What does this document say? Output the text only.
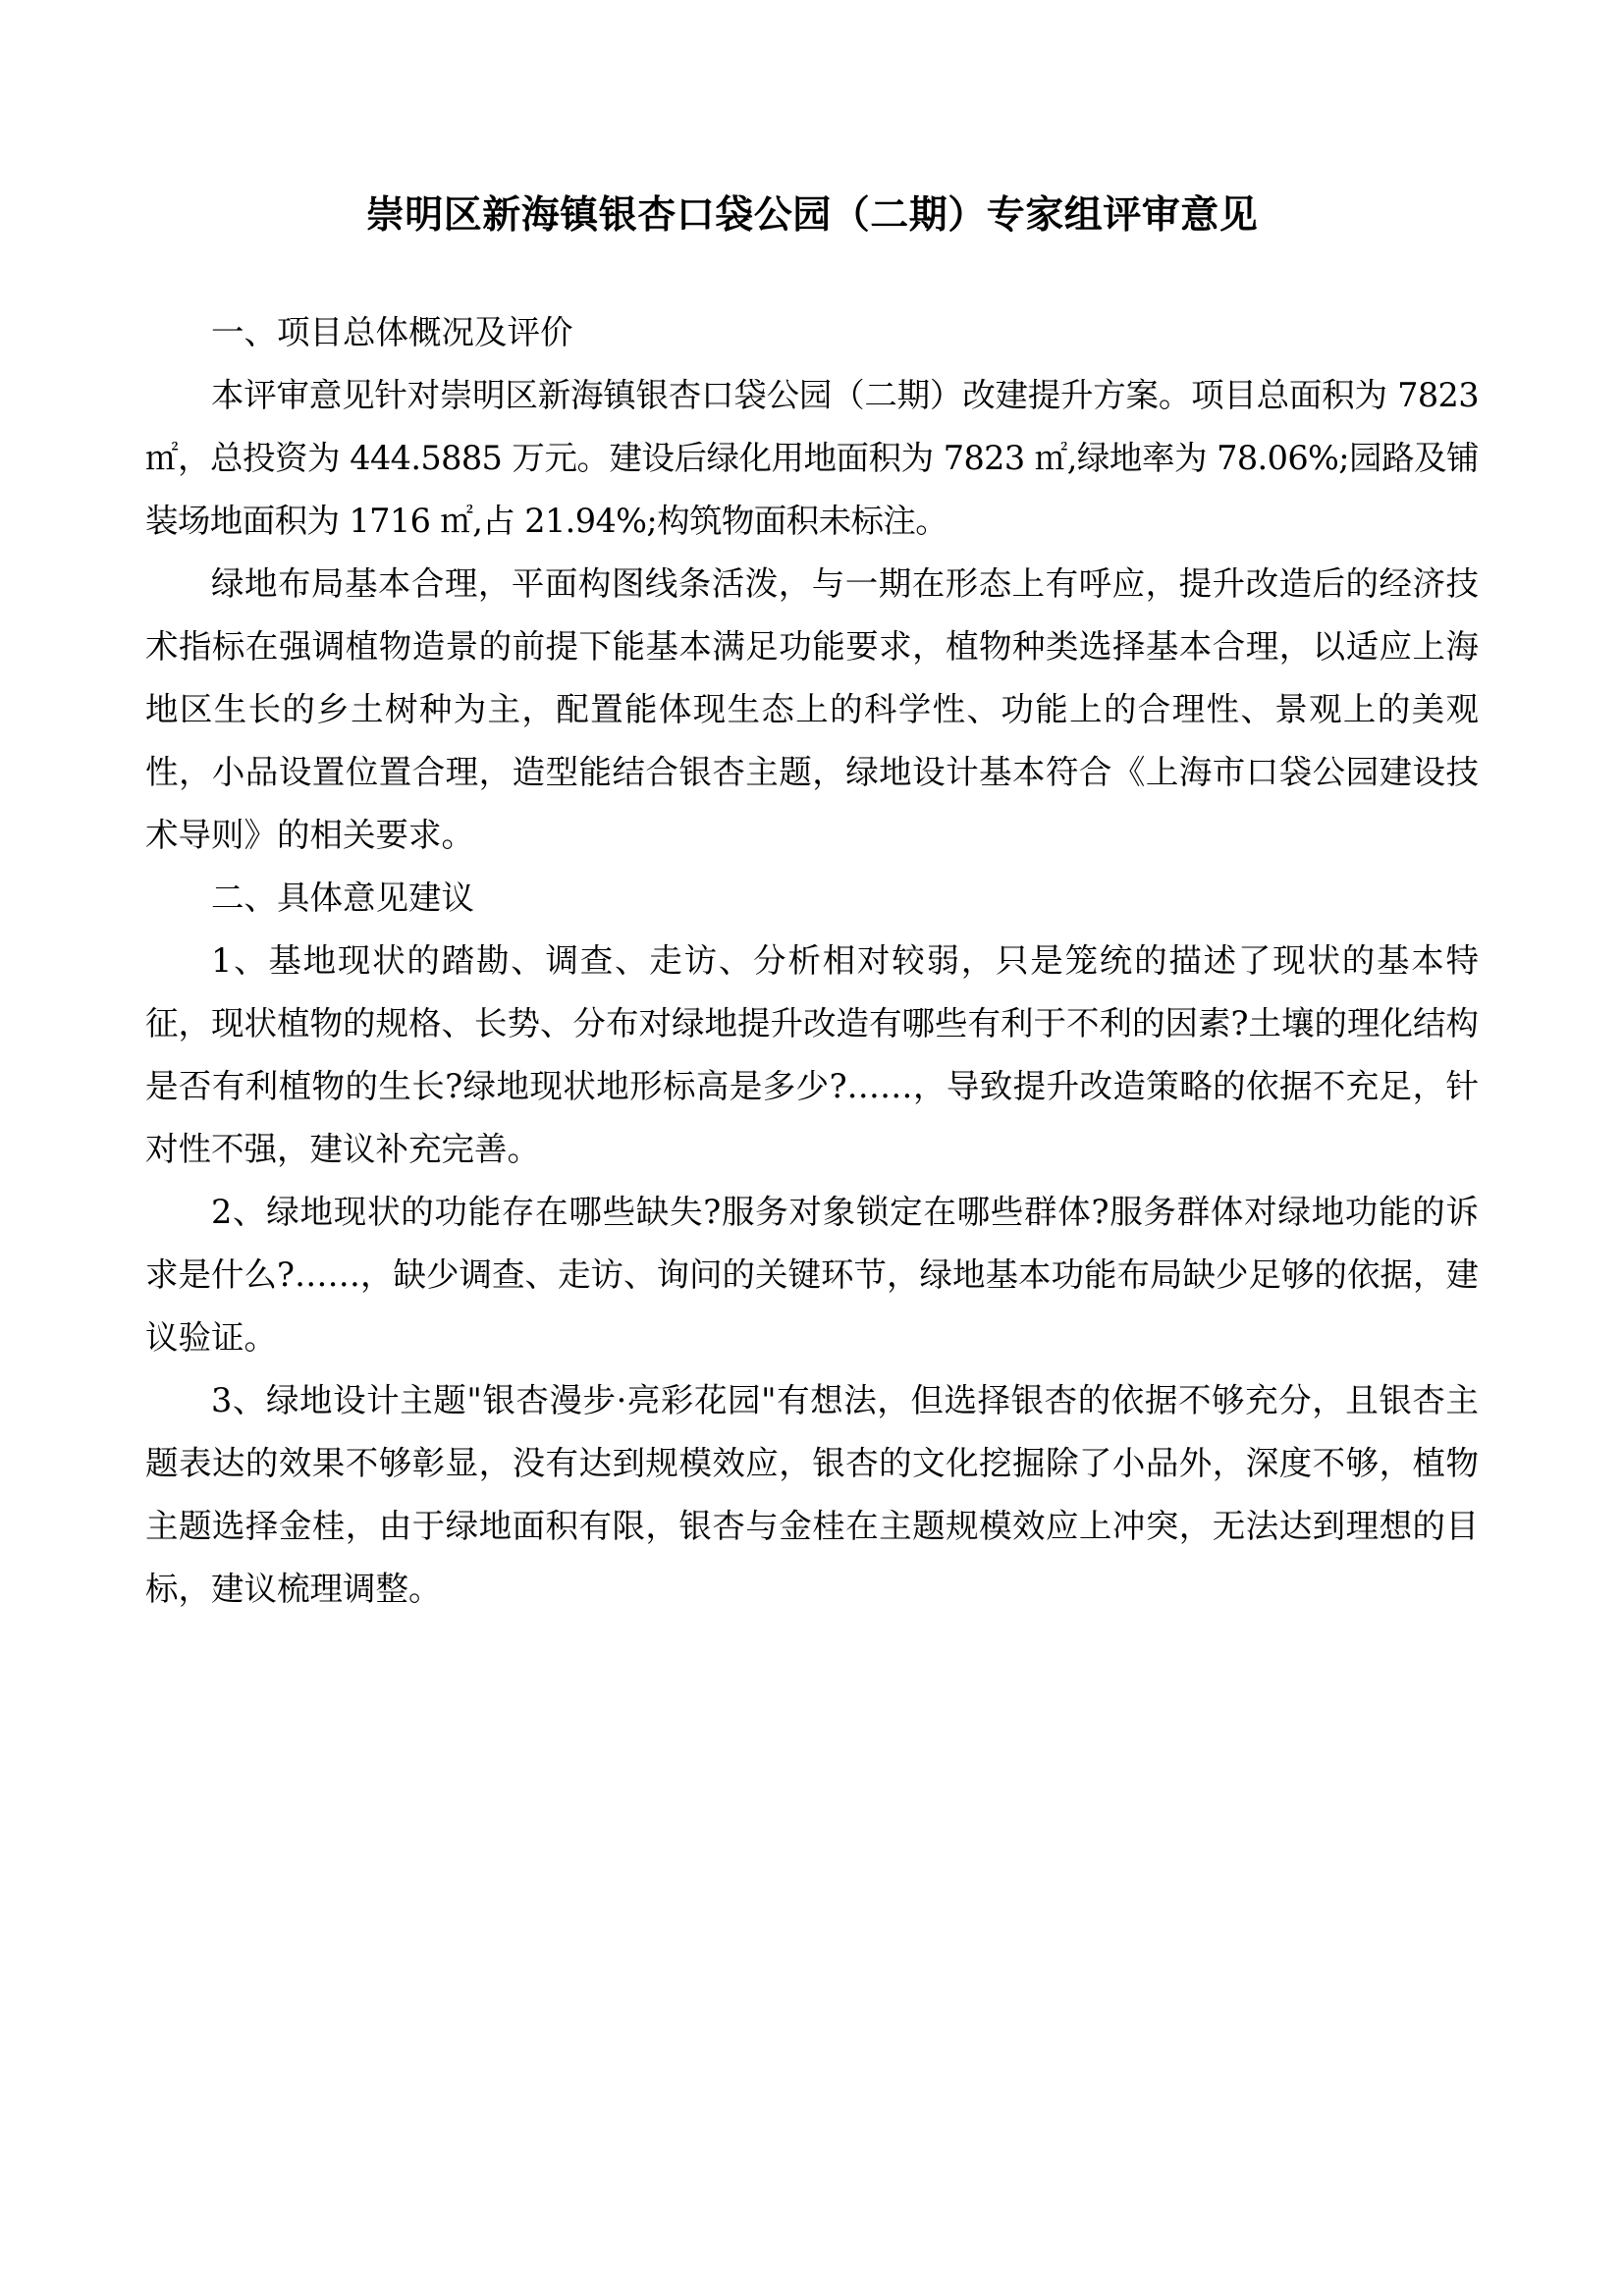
崇明区新海镇银杏口袋公园（二期）专家组评审意见

一、项目总体概况及评价

本评审意见针对崇明区新海镇银杏口袋公园（二期）改建提升方案。项目总面积为 7823 ㎡，总投资为 444.5885 万元。建设后绿化用地面积为 7823 ㎡,绿地率为 78.06%;园路及铺装场地面积为 1716 ㎡,占 21.94%;构筑物面积未标注。

绿地布局基本合理，平面构图线条活泼，与一期在形态上有呼应，提升改造后的经济技术指标在强调植物造景的前提下能基本满足功能要求，植物种类选择基本合理，以适应上海地区生长的乡土树种为主，配置能体现生态上的科学性、功能上的合理性、景观上的美观性，小品设置位置合理，造型能结合银杏主题，绿地设计基本符合《上海市口袋公园建设技术导则》的相关要求。

二、具体意见建议

1、基地现状的踏勘、调查、走访、分析相对较弱，只是笼统的描述了现状的基本特征，现状植物的规格、长势、分布对绿地提升改造有哪些有利于不利的因素?土壤的理化结构是否有利植物的生长?绿地现状地形标高是多少?……，导致提升改造策略的依据不充足，针对性不强，建议补充完善。

2、绿地现状的功能存在哪些缺失?服务对象锁定在哪些群体?服务群体对绿地功能的诉求是什么?……，缺少调查、走访、询问的关键环节，绿地基本功能布局缺少足够的依据，建议验证。

3、绿地设计主题"银杏漫步·亮彩花园"有想法，但选择银杏的依据不够充分，且银杏主题表达的效果不够彰显，没有达到规模效应，银杏的文化挖掘除了小品外，深度不够，植物主题选择金桂，由于绿地面积有限，银杏与金桂在主题规模效应上冲突，无法达到理想的目标，建议梳理调整。
